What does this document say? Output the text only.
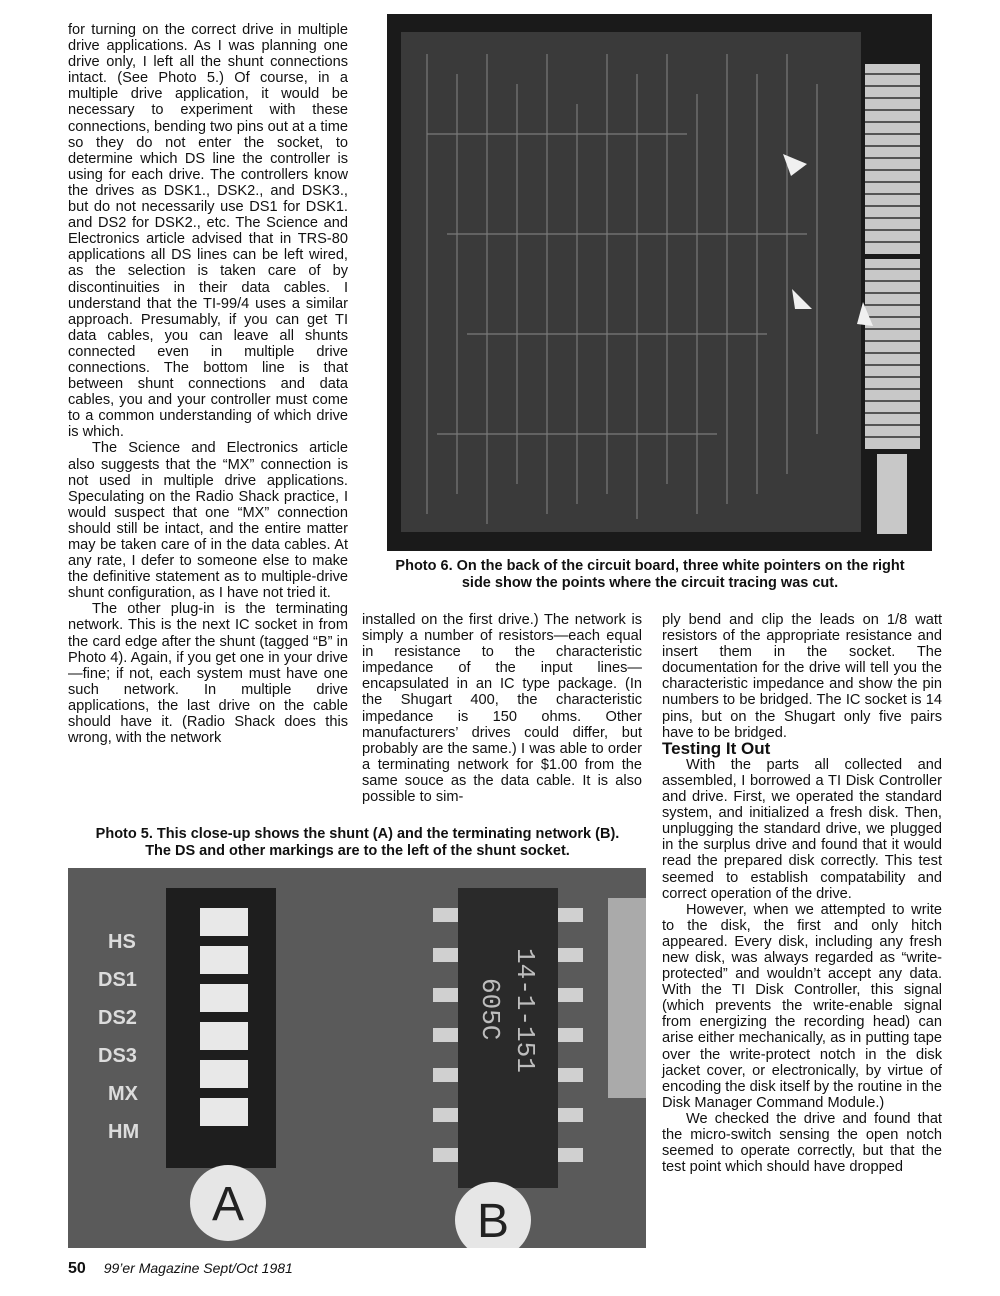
for turning on the correct drive in multiple drive applications. As I was planning one drive only, I left all the shunt connections intact. (See Photo 5.) Of course, in a multiple drive application, it would be necessary to experiment with these connections, bending two pins out at a time so they do not enter the socket, to determine which DS line the controller is using for each drive. The controllers know the drives as DSK1., DSK2., and DSK3., but do not necessarily use DS1 for DSK1. and DS2 for DSK2., etc. The Science and Electronics article advised that in TRS-80 applications all DS lines can be left wired, as the selection is taken care of by discontinuities in their data cables. I understand that the TI-99/4 uses a similar approach. Presumably, if you can get TI data cables, you can leave all shunts connected even in multiple drive connections. The bottom line is that between shunt connections and data cables, you and your controller must come to a common understanding of which drive is which.

The Science and Electronics article also suggests that the “MX” connection is not used in multiple drive applications. Speculating on the Radio Shack practice, I would suspect that one “MX” connection should still be intact, and the entire matter may be taken care of in the data cables. At any rate, I defer to someone else to make the definitive statement as to multiple-drive shunt configuration, as I have not tried it.

The other plug-in is the terminating network. This is the next IC socket in from the card edge after the shunt (tagged “B” in Photo 4). Again, if you get one in your drive—fine; if not, each system must have one such network. In multiple drive applications, the last drive on the cable should have it. (Radio Shack does this wrong, with the network

Photo 6. On the back of the circuit board, three white pointers on the right
side show the points where the circuit tracing was cut.

installed on the first drive.) The network is simply a number of resistors—each equal in resistance to the characteristic impedance of the input lines—encapsulated in an IC type package. (In the Shugart 400, the characteristic impedance is 150 ohms. Other manufacturers’ drives could differ, but probably are the same.) I was able to order a terminating network for $1.00 from the same souce as the data cable. It is also possible to sim-

ply bend and clip the leads on 1/8 watt resistors of the appropriate resistance and insert them in the socket. The documentation for the drive will tell you the characteristic impedance and show the pin numbers to be bridged. The IC socket is 14 pins, but on the Shugart only five pairs have to be bridged.

Testing It Out

With the parts all collected and assembled, I borrowed a TI Disk Controller and drive. First, we operated the standard system, and initialized a fresh disk. Then, unplugging the standard drive, we plugged in the surplus drive and found that it would read the prepared disk correctly. This test seemed to establish compatability and correct operation of the drive.

However, when we attempted to write to the disk, the first and only hitch appeared. Every disk, including any fresh new disk, was always regarded as “write-protected” and wouldn’t accept any data. With the TI Disk Controller, this signal (which prevents the write-enable signal from energizing the recording head) can arise either mechanically, as in putting tape over the write-protect notch in the disk jacket cover, or electronically, by virtue of encoding the disk itself by the routine in the Disk Manager Command Module.)

We checked the drive and found that the micro-switch sensing the open notch seemed to operate correctly, but that the test point which should have dropped

Photo 5. This close-up shows the shunt (A) and the terminating network (B).
The DS and other markings are to the left of the shunt socket.
HS
DS1
DS2
DS3
MX
HM
14-1-151
605C
A	B
50 99’er Magazine Sept/Oct 1981
